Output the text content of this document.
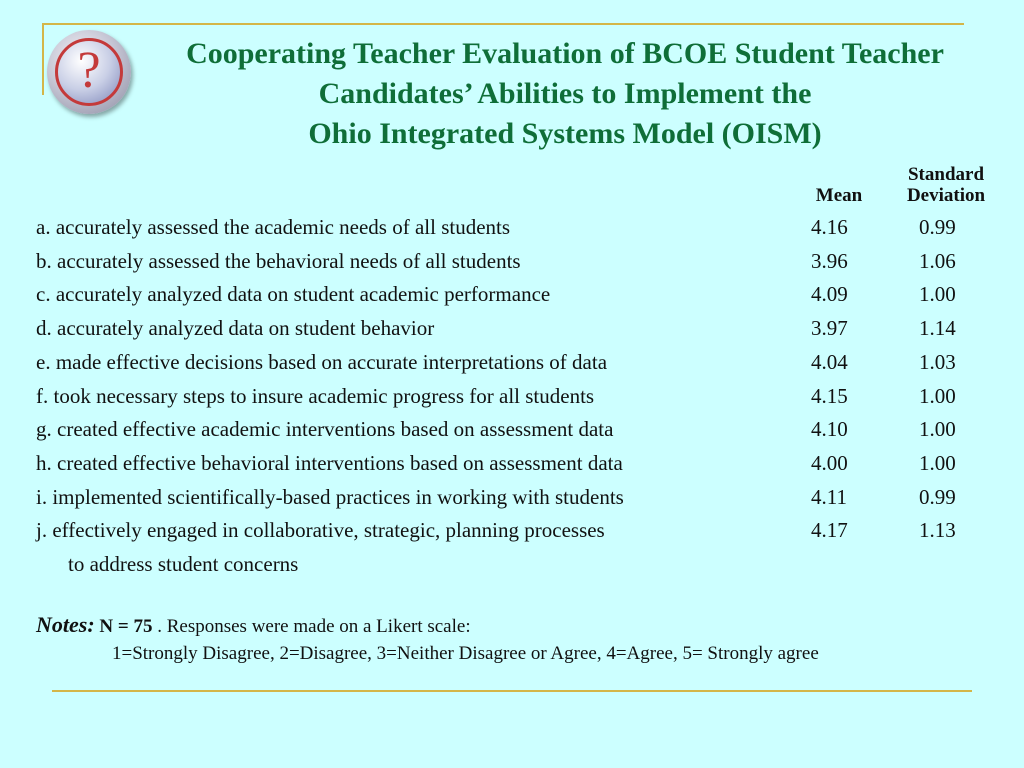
?	Cooperating Teacher Evaluation of BCOE Student Teacher
Candidates’ Abilities to Implement the
Ohio Integrated Systems Model (OISM)
Mean
Standard
Deviation
a. accurately assessed the academic needs of all students	4.16	0.99
b. accurately assessed the behavioral needs of all students	3.96	1.06
c. accurately analyzed data on student academic performance	4.09	1.00
d. accurately analyzed data on student behavior	3.97	1.14
e. made effective decisions based on accurate interpretations of data	4.04	1.03
f. took necessary steps to insure academic progress for all students	4.15	1.00
g. created effective academic interventions based on assessment data	4.10	1.00
h. created effective behavioral interventions based on assessment data	4.00	1.00
i. implemented scientifically-based practices in working with students	4.11	0.99
j. effectively engaged in collaborative, strategic, planning processes	4.17	1.13
to address student concerns
Notes: N = 75 . Responses were made on a Likert scale:
1=Strongly Disagree, 2=Disagree, 3=Neither Disagree or Agree, 4=Agree, 5= Strongly agree
